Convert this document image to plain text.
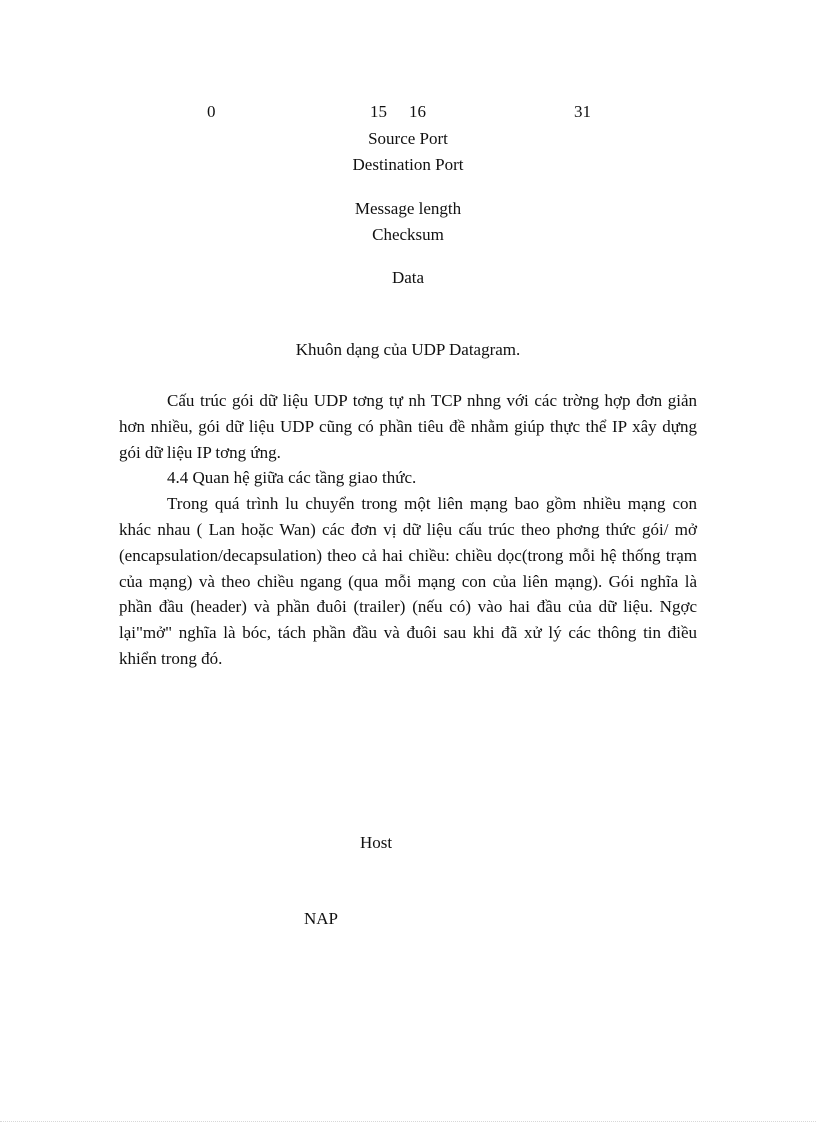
0	15 16	31
Source Port
Destination Port
Message length
Checksum
Data
Khuôn dạng của UDP Datagram.

Cấu trúc gói dữ liệu UDP tơng tự nh TCP nhng với các trờng hợp đơn giản hơn nhiều, gói dữ liệu UDP cũng có phần tiêu đề nhằm giúp thực thể IP xây dựng gói dữ liệu IP tơng ứng.

4.4 Quan hệ giữa các tầng giao thức.

Trong quá trình lu chuyển trong một liên mạng bao gồm nhiều mạng con khác nhau ( Lan hoặc Wan) các đơn vị dữ liệu cấu trúc theo phơng thức gói/ mở (encapsulation/decapsulation) theo cả hai chiều: chiều dọc(trong mỗi hệ thống trạm của mạng) và theo chiều ngang (qua mỗi mạng con của liên mạng). Gói nghĩa là phần đầu (header) và phần đuôi (trailer) (nếu có) vào hai đầu của dữ liệu. Ngợc lại"mở" nghĩa là bóc, tách phần đầu và đuôi sau khi đã xử lý các thông tin điều khiển trong đó.

Host
NAP
